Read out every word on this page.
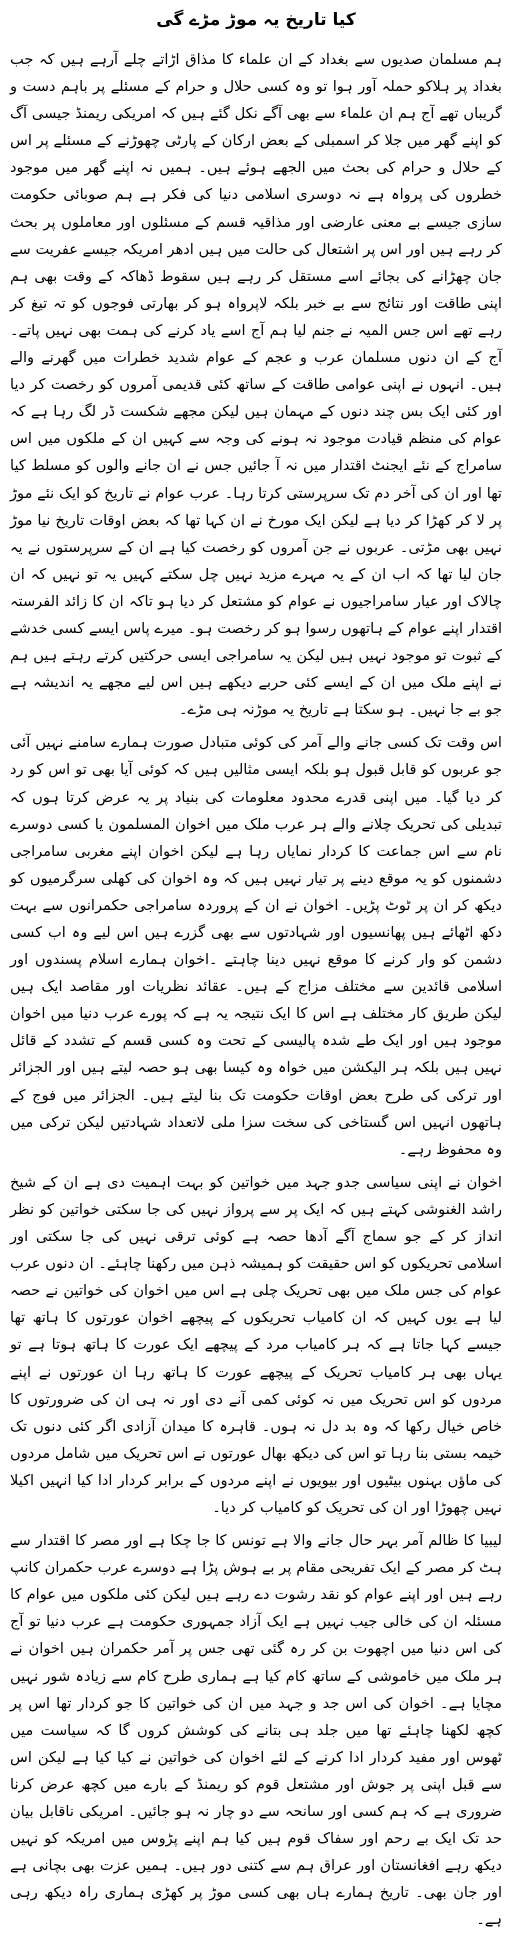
کیا تاریخ یہ موڑ مڑے گی

ہم مسلمان صدیوں سے بغداد کے ان علماء کا مذاق اڑاتے چلے آرہے ہیں کہ جب بغداد پر ہلاکو حملہ آور ہوا تو وہ کسی حلال و حرام کے مسئلے پر باہم دست و گریباں تھے آج ہم ان علماء سے بھی آگے نکل گئے ہیں کہ امریکی ریمنڈ جیسی آگ کو اپنے گھر میں جلا کر اسمبلی کے بعض ارکان کے پارٹی چھوڑنے کے مسئلے پر اس کے حلال و حرام کی بحث میں الجھے ہوئے ہیں۔ ہمیں نہ اپنے گھر میں موجود خطروں کی پرواہ ہے نہ دوسری اسلامی دنیا کی فکر ہے ہم صوبائی حکومت سازی جیسے بے معنی عارضی اور مذاقیہ قسم کے مسئلوں اور معاملوں پر بحث کر رہے ہیں اور اس پر اشتعال کی حالت میں ہیں ادھر امریکہ جیسے عفریت سے جان چھڑانے کی بجائے اسے مستقل کر رہے ہیں سقوط ڈھاکہ کے وقت بھی ہم اپنی طاقت اور نتائج سے بے خبر بلکہ لاپرواہ ہو کر بھارتی فوجوں کو تہ تیغ کر رہے تھے اس جس المیہ نے جنم لیا ہم آج اسے یاد کرنے کی ہمت بھی نہیں پاتے۔ آج کے ان دنوں مسلمان عرب و عجم کے عوام شدید خطرات میں گھرنے والے ہیں۔ انہوں نے اپنی عوامی طاقت کے ساتھ کئی قدیمی آمروں کو رخصت کر دیا اور کئی ایک بس چند دنوں کے مہمان ہیں لیکن مجھے شکست ڈر لگ رہا ہے کہ عوام کی منظم قیادت موجود نہ ہونے کی وجہ سے کہیں ان کے ملکوں میں اس سامراج کے نئے ایجنٹ اقتدار میں نہ آ جائیں جس نے ان جانے والوں کو مسلط کیا تھا اور ان کی آخر دم تک سرپرستی کرتا رہا۔ عرب عوام نے تاریخ کو ایک نئے موڑ پر لا کر کھڑا کر دیا ہے لیکن ایک مورخ نے ان کہا تھا کہ بعض اوقات تاریخ نیا موڑ نہیں بھی مڑتی۔ عربوں نے جن آمروں کو رخصت کیا ہے ان کے سرپرستوں نے یہ جان لیا تھا کہ اب ان کے یہ مہرے مزید نہیں چل سکتے کہیں یہ تو نہیں کہ ان چالاک اور عیار سامراجیوں نے عوام کو مشتعل کر دیا ہو تاکہ ان کا زائد الفرستہ اقتدار اپنے عوام کے ہاتھوں رسوا ہو کر رخصت ہو۔ میرے پاس ایسے کسی خدشے کے ثبوت تو موجود نہیں ہیں لیکن یہ سامراجی ایسی حرکتیں کرتے رہتے ہیں ہم نے اپنے ملک میں ان کے ایسے کئی حربے دیکھے ہیں اس لیے مجھے یہ اندیشہ ہے جو بے جا نہیں۔ ہو سکتا ہے تاریخ یہ موڑنہ ہی مڑے۔

اس وقت تک کسی جانے والے آمر کی کوئی متبادل صورت ہمارے سامنے نہیں آئی جو عربوں کو قابل قبول ہو بلکہ ایسی مثالیں ہیں کہ کوئی آیا بھی تو اس کو رد کر دیا گیا۔ میں اپنی قدرے محدود معلومات کی بنیاد پر یہ عرض کرتا ہوں کہ تبدیلی کی تحریک چلانے والے ہر عرب ملک میں اخوان المسلمون یا کسی دوسرے نام سے اس جماعت کا کردار نمایاں رہا ہے لیکن اخوان اپنے مغربی سامراجی دشمنوں کو یہ موقع دینے پر تیار نہیں ہیں کہ وہ اخوان کی کھلی سرگرمیوں کو دیکھ کر ان پر ٹوٹ پڑیں۔ اخوان نے ان کے پروردہ سامراجی حکمرانوں سے بہت دکھ اٹھائے ہیں پھانسیوں اور شہادتوں سے بھی گزرے ہیں اس لیے وہ اب کسی دشمن کو وار کرنے کا موقع نہیں دینا چاہتے ۔اخوان ہمارے اسلام پسندوں اور اسلامی قائدین سے مختلف مزاج کے ہیں۔ عقائد نظریات اور مقاصد ایک ہیں لیکن طریق کار مختلف ہے اس کا ایک نتیجہ یہ ہے کہ پورے عرب دنیا میں اخوان موجود ہیں اور ایک طے شدہ پالیسی کے تحت وہ کسی قسم کے تشدد کے قائل نہیں ہیں بلکہ ہر الیکشن میں خواہ وہ کیسا بھی ہو حصہ لیتے ہیں اور الجزائر اور ترکی کی طرح بعض اوقات حکومت تک بنا لیتے ہیں۔ الجزائر میں فوج کے ہاتھوں انہیں اس گستاخی کی سخت سزا ملی لاتعداد شہادتیں لیکن ترکی میں وہ محفوظ رہے۔

اخوان نے اپنی سیاسی جدو جہد میں خواتین کو بہت اہمیت دی ہے ان کے شیخ راشد الغنوشی کہتے ہیں کہ ایک پر سے پرواز نہیں کی جا سکتی خواتین کو نظر انداز کر کے جو سماج آگے آدھا حصہ ہے کوئی ترقی نہیں کی جا سکتی اور اسلامی تحریکوں کو اس حقیقت کو ہمیشہ ذہن میں رکھنا چاہئے۔ ان دنوں عرب عوام کی جس ملک میں بھی تحریک چلی ہے اس میں اخوان کی خواتین نے حصہ لیا ہے یوں کہیں کہ ان کامیاب تحریکوں کے پیچھے اخوان عورتوں کا ہاتھ تھا جیسے کہا جاتا ہے کہ ہر کامیاب مرد کے پیچھے ایک عورت کا ہاتھ ہوتا ہے تو یہاں بھی ہر کامیاب تحریک کے پیچھے عورت کا ہاتھ رہا ان عورتوں نے اپنے مردوں کو اس تحریک میں نہ کوئی کمی آنے دی اور نہ ہی ان کی ضرورتوں کا خاص خیال رکھا کہ وہ بد دل نہ ہوں۔ قاہرہ کا میدان آزادی اگر کئی دنوں تک خیمہ بستی بنا رہا تو اس کی دیکھ بھال عورتوں نے اس تحریک میں شامل مردوں کی ماؤں بہنوں بیٹیوں اور بیویوں نے اپنے مردوں کے برابر کردار ادا کیا انہیں اکیلا نہیں چھوڑا اور ان کی تحریک کو کامیاب کر دیا۔

لیبیا کا ظالم آمر بہر حال جانے والا ہے تونس کا جا چکا ہے اور مصر کا اقتدار سے ہٹ کر مصر کے ایک تفریحی مقام پر بے ہوش پڑا ہے دوسرے عرب حکمران کانپ رہے ہیں اور اپنے عوام کو نقد رشوت دے رہے ہیں لیکن کئی ملکوں میں عوام کا مسئلہ ان کی خالی جیب نہیں ہے ایک آزاد جمہوری حکومت ہے عرب دنیا تو آج کی اس دنیا میں اچھوت بن کر رہ گئی تھی جس پر آمر حکمران ہیں اخوان نے ہر ملک میں خاموشی کے ساتھ کام کیا ہے ہماری طرح کام سے زیادہ شور نہیں مچایا ہے۔ اخوان کی اس جد و جہد میں ان کی خواتین کا جو کردار تھا اس پر کچھ لکھنا چاہئے تھا میں جلد ہی بتانے کی کوشش کروں گا کہ سیاست میں ٹھوس اور مفید کردار ادا کرنے کے لئے اخوان کی خواتین نے کیا کیا ہے لیکن اس سے قبل اپنی پر جوش اور مشتعل قوم کو ریمنڈ کے بارے میں کچھ عرض کرنا ضروری ہے کہ ہم کسی اور سانحہ سے دو چار نہ ہو جائیں۔ امریکی ناقابل بیان حد تک ایک بے رحم اور سفاک قوم ہیں کیا ہم اپنے پڑوس میں امریکہ کو نہیں دیکھ رہے افغانستان اور عراق ہم سے کتنی دور ہیں۔ ہمیں عزت بھی بچانی ہے اور جان بھی۔ تاریخ ہمارے ہاں بھی کسی موڑ پر کھڑی ہماری راہ دیکھ رہی ہے۔
